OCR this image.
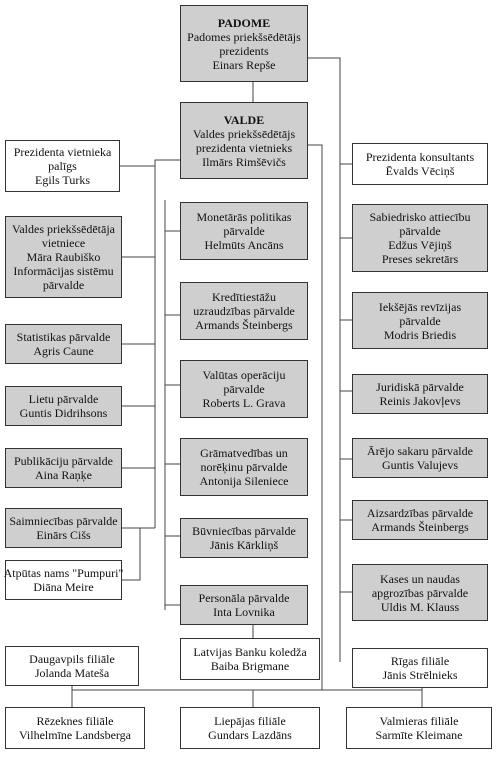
PADOME
Padomes priekšsēdētājs
prezidents
Einars Repše
VALDE
Valdes priekšsēdētājs
prezidenta vietnieks
Ilmārs Rimšēvičs
Prezidenta vietnieka
palīgs
Egils Turks
Prezidenta konsultants
Ēvalds Vēciņš
Valdes priekšsēdētāja
vietniece
Māra Raubiško
Informācijas sistēmu
pārvalde
Monetārās politikas
pārvalde
Helmūts Ancāns
Sabiedrisko attiecību
pārvalde
Edžus Vējiņš
Preses sekretārs
Kredītiestāžu
uzraudzības pārvalde
Armands Šteinbergs
Iekšējās revīzijas
pārvalde
Modris Briedis
Statistikas pārvalde
Agris Caune
Lietu pārvalde
Guntis Didrihsons
Valūtas operāciju
pārvalde
Roberts L. Grava
Juridiskā pārvalde
Reinis Jakovļevs
Publikāciju pārvalde
Aina Raņķe
Grāmatvedības un
norēķinu pārvalde
Antonija Sileniece
Ārējo sakaru pārvalde
Guntis Valujevs
Saimniecības pārvalde
Einārs Cišs	Būvniecības pārvalde
Jānis Kārkliņš
Aizsardzības pārvalde
Armands Šteinbergs
Atpūtas nams "Pumpuri"
Diāna Meire
Personāla pārvalde
Inta Lovnika
Kases un naudas
apgrozības pārvalde
Uldis M. Klauss
Latvijas Banku koledža
Baiba Brigmane
Daugavpils filiāle
Jolanda Mateša
Rīgas filiāle
Jānis Strēlnieks
Rēzeknes filiāle
Vilhelmīne Landsberga
Liepājas filiāle
Gundars Lazdāns
Valmieras filiāle
Sarmīte Kleimane
